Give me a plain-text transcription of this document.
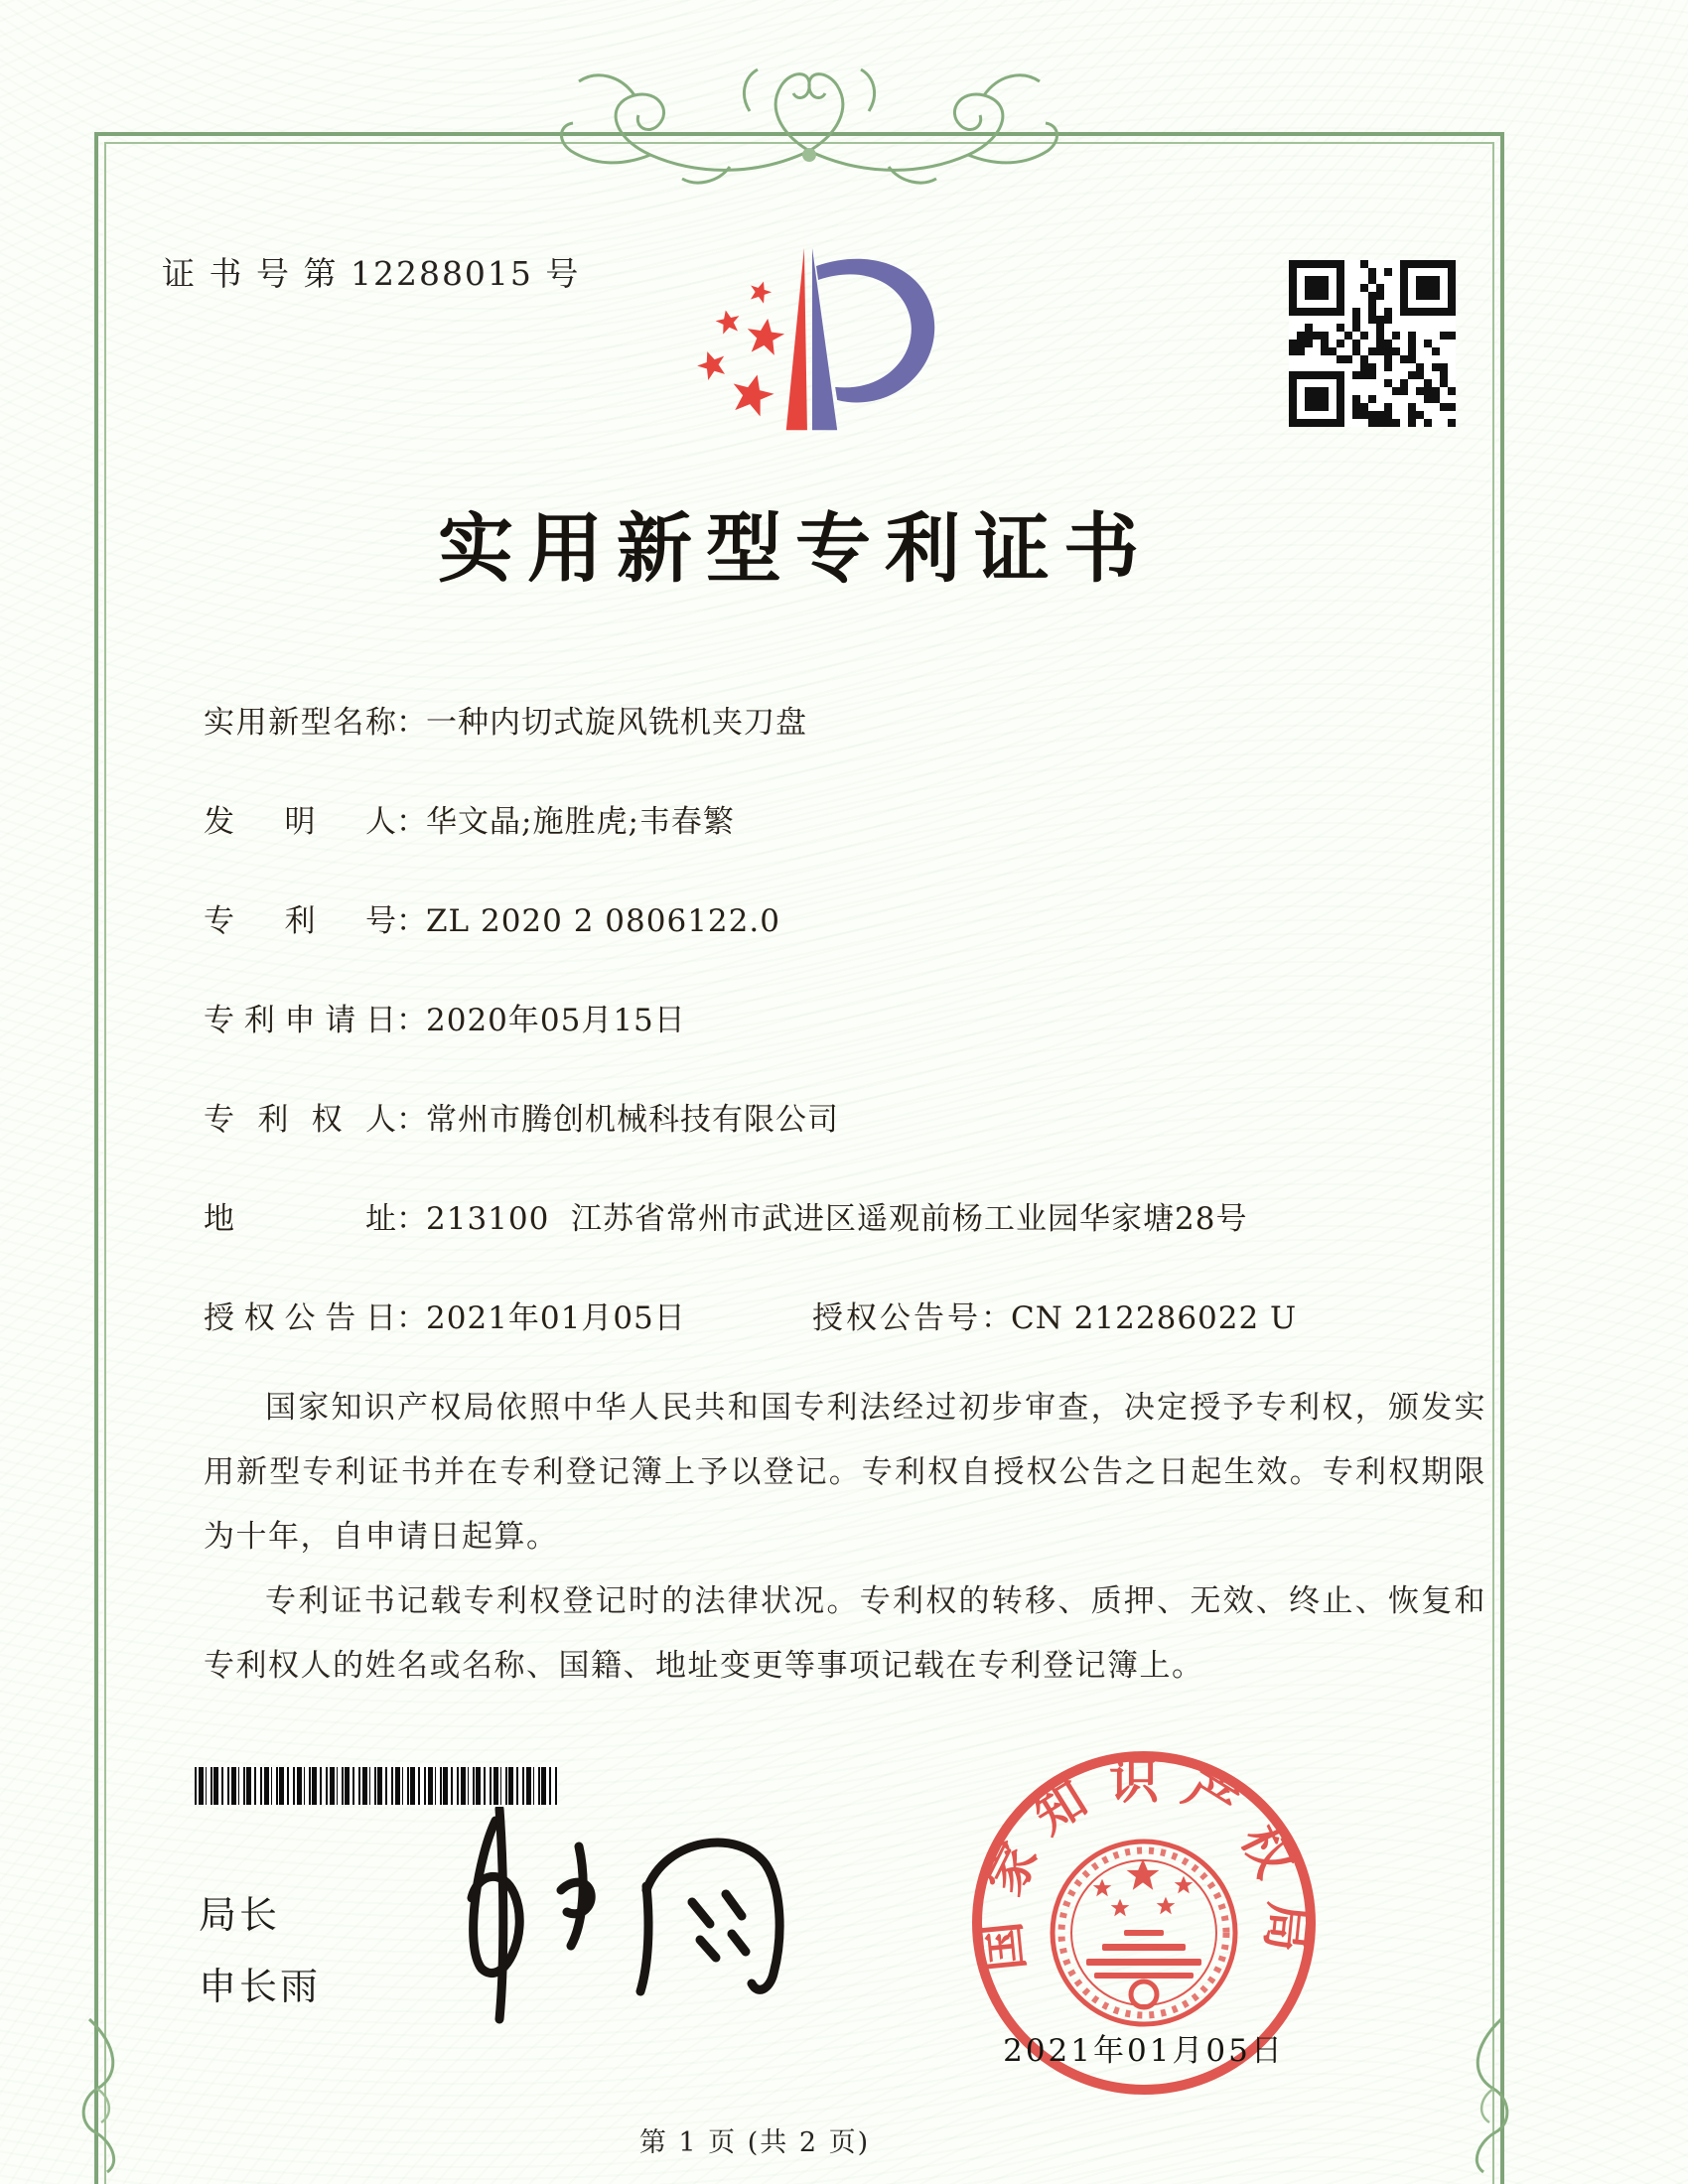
证 书 号 第 12288015 号
实用新型专利证书
实用新型名称：一种内切式旋风铣机夹刀盘
发明人：华文晶;施胜虎;韦春繁
专利号：ZL 2020 2 0806122.0
专利申请日：2020年05月15日
专利权人：常州市腾创机械科技有限公司
地址：213100  江苏省常州市武进区遥观前杨工业园华家塘28号
授权公告日：2021年01月05日	授权公告号：CN 212286022 U

国家知识产权局依照中华人民共和国专利法经过初步审查，决定授予专利权，颁发实用新型专利证书并在专利登记簿上予以登记。专利权自授权公告之日起生效。专利权期限为十年，自申请日起算。

专利证书记载专利权登记时的法律状况。专利权的转移、质押、无效、终止、恢复和专利权人的姓名或名称、国籍、地址变更等事项记载在专利登记簿上。

局长
申长雨
国家知识产权局
2021年01月05日
第 1 页 (共 2 页)
